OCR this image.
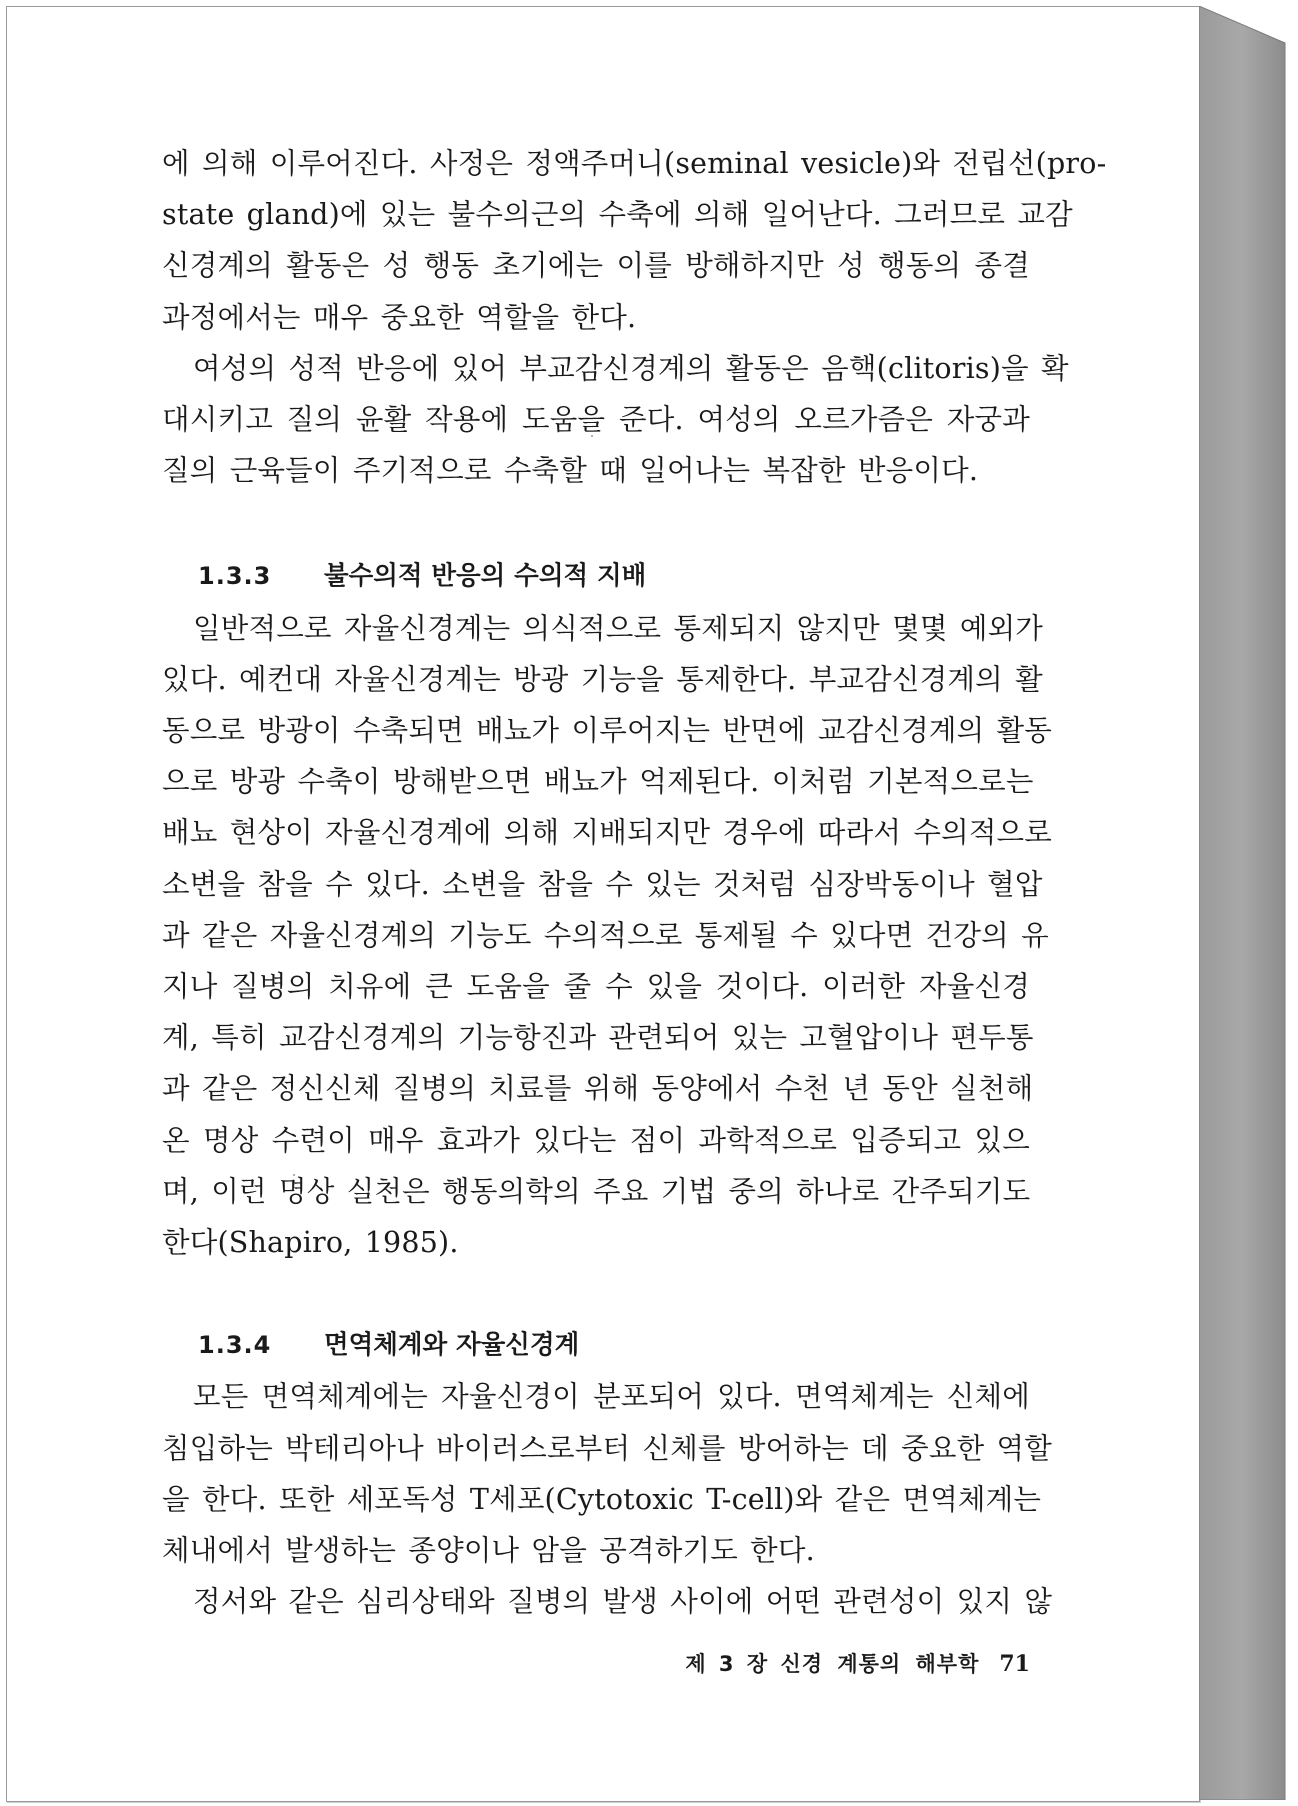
에 의해 이루어진다. 사정은 정액주머니(seminal vesicle)와 전립선(pro-
state gland)에 있는 불수의근의 수축에 의해 일어난다. 그러므로 교감
신경계의 활동은 성 행동 초기에는 이를 방해하지만 성 행동의 종결
과정에서는 매우 중요한 역할을 한다.

여성의 성적 반응에 있어 부교감신경계의 활동은 음핵(clitoris)을 확
대시키고 질의 윤활 작용에 도움을 준다. 여성의 오르가즘은 자궁과
질의 근육들이 주기적으로 수축할 때 일어나는 복잡한 반응이다.

1.3.3 불수의적 반응의 수의적 지배

일반적으로 자율신경계는 의식적으로 통제되지 않지만 몇몇 예외가
있다. 예컨대 자율신경계는 방광 기능을 통제한다. 부교감신경계의 활
동으로 방광이 수축되면 배뇨가 이루어지는 반면에 교감신경계의 활동
으로 방광 수축이 방해받으면 배뇨가 억제된다. 이처럼 기본적으로는
배뇨 현상이 자율신경계에 의해 지배되지만 경우에 따라서 수의적으로
소변을 참을 수 있다. 소변을 참을 수 있는 것처럼 심장박동이나 혈압
과 같은 자율신경계의 기능도 수의적으로 통제될 수 있다면 건강의 유
지나 질병의 치유에 큰 도움을 줄 수 있을 것이다. 이러한 자율신경
계, 특히 교감신경계의 기능항진과 관련되어 있는 고혈압이나 편두통
과 같은 정신신체 질병의 치료를 위해 동양에서 수천 년 동안 실천해
온 명상 수련이 매우 효과가 있다는 점이 과학적으로 입증되고 있으
며, 이런 명상 실천은 행동의학의 주요 기법 중의 하나로 간주되기도
한다(Shapiro, 1985).

1.3.4 면역체계와 자율신경계

모든 면역체계에는 자율신경이 분포되어 있다. 면역체계는 신체에
침입하는 박테리아나 바이러스로부터 신체를 방어하는 데 중요한 역할
을 한다. 또한 세포독성 T세포(Cytotoxic T-cell)와 같은 면역체계는
체내에서 발생하는 종양이나 암을 공격하기도 한다.

정서와 같은 심리상태와 질병의 발생 사이에 어떤 관련성이 있지 않

제 3 장 신경 계통의 해부학 71
